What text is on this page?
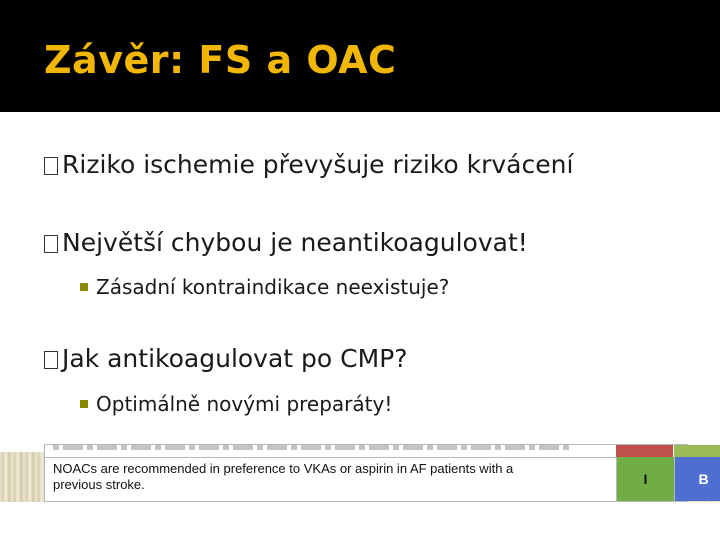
Závěr: FS a OAC
Riziko ischemie převyšuje riziko krvácení
Největší chybou je neantikoagulovat!
Zásadní kontraindikace neexistuje?
Jak antikoagulovat po CMP?
Optimálně novými preparáty!
NOACs are recommended in preference to VKAs or aspirin in AF patients with a previous stroke.	I	B
